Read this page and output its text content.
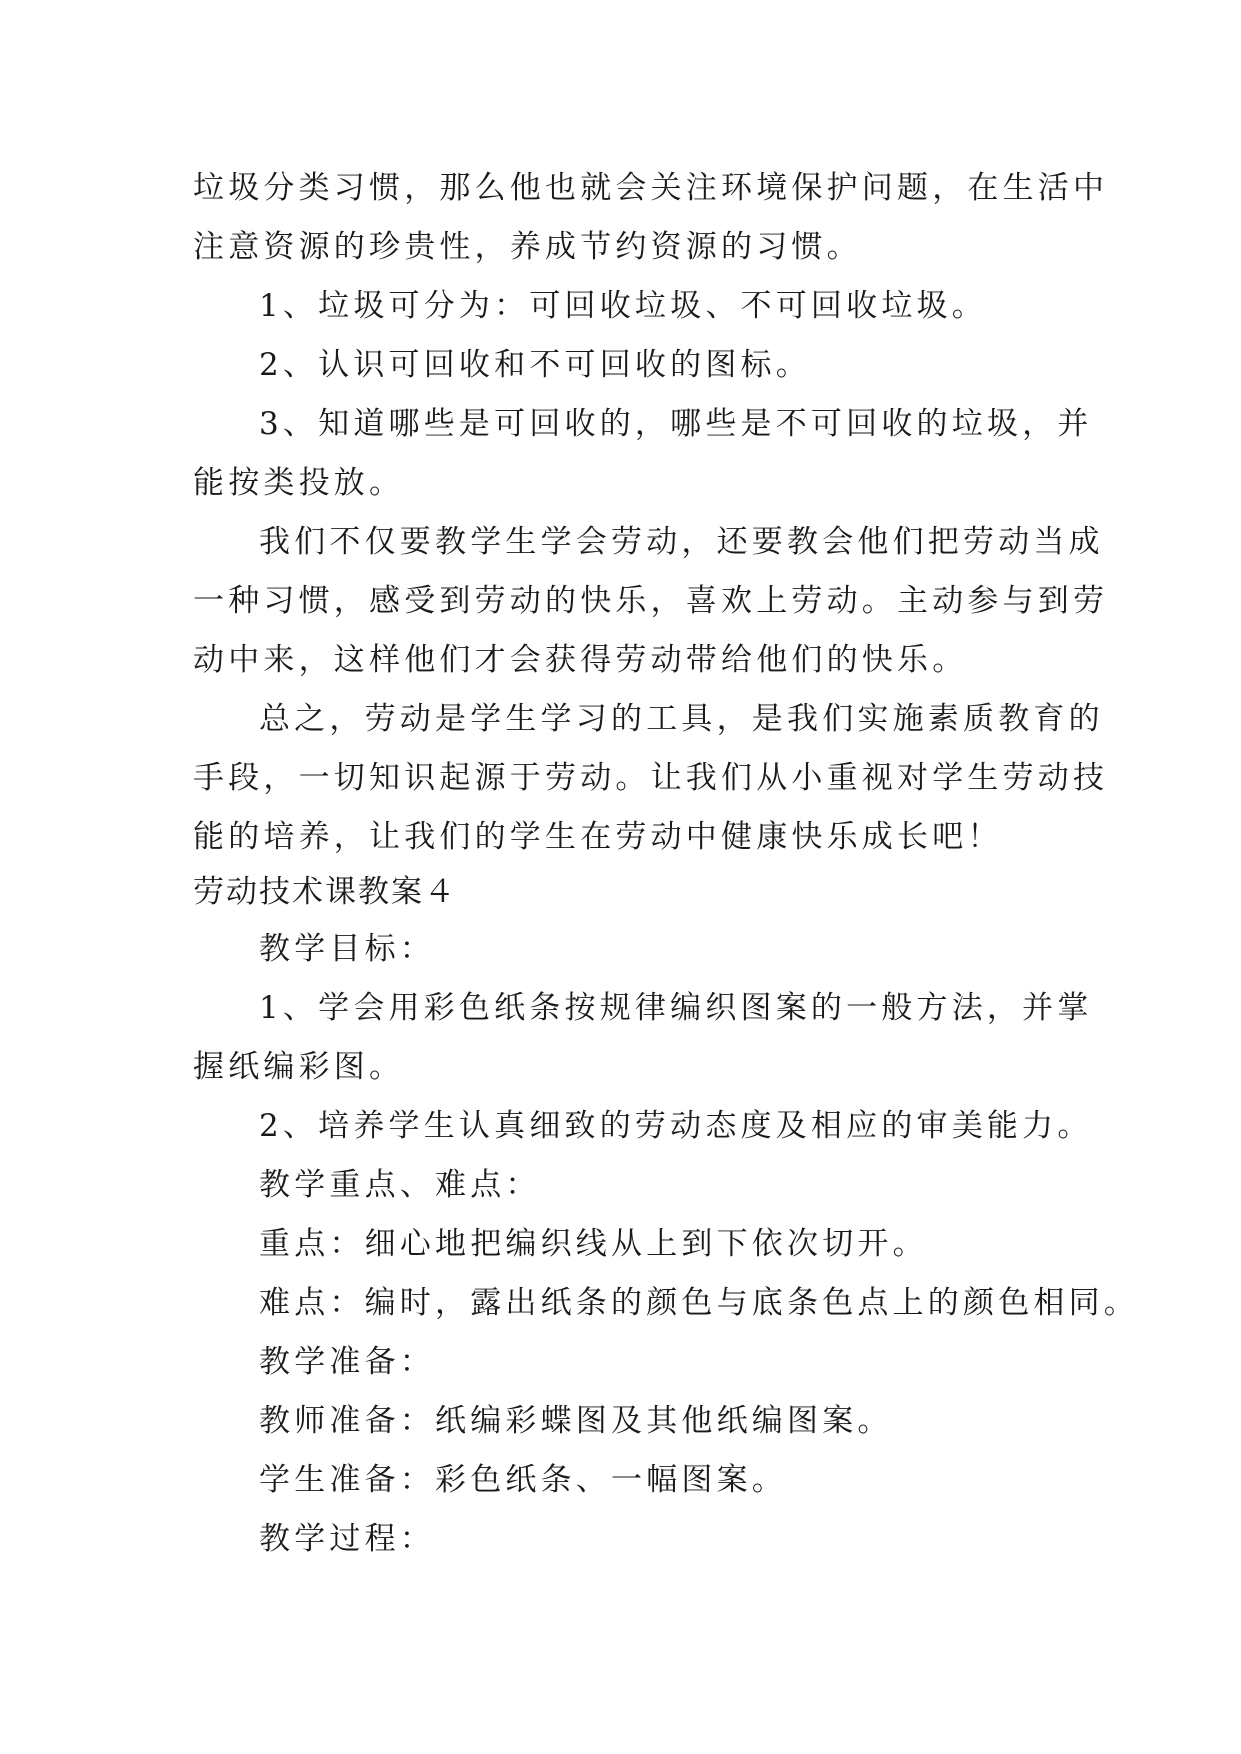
垃圾分类习惯，那么他也就会关注环境保护问题，在生活中

注意资源的珍贵性，养成节约资源的习惯。

1、垃圾可分为：可回收垃圾、不可回收垃圾。

2、认识可回收和不可回收的图标。

3、知道哪些是可回收的，哪些是不可回收的垃圾，并

能按类投放。

我们不仅要教学生学会劳动，还要教会他们把劳动当成

一种习惯，感受到劳动的快乐，喜欢上劳动。主动参与到劳

动中来，这样他们才会获得劳动带给他们的快乐。

总之，劳动是学生学习的工具，是我们实施素质教育的

手段，一切知识起源于劳动。让我们从小重视对学生劳动技

能的培养，让我们的学生在劳动中健康快乐成长吧！

劳动技术课教案４

教学目标：

1、学会用彩色纸条按规律编织图案的一般方法，并掌

握纸编彩图。

2、培养学生认真细致的劳动态度及相应的审美能力。

教学重点、难点：

重点：细心地把编织线从上到下依次切开。

难点：编时，露出纸条的颜色与底条色点上的颜色相同。

教学准备：

教师准备：纸编彩蝶图及其他纸编图案。

学生准备：彩色纸条、一幅图案。

教学过程：
